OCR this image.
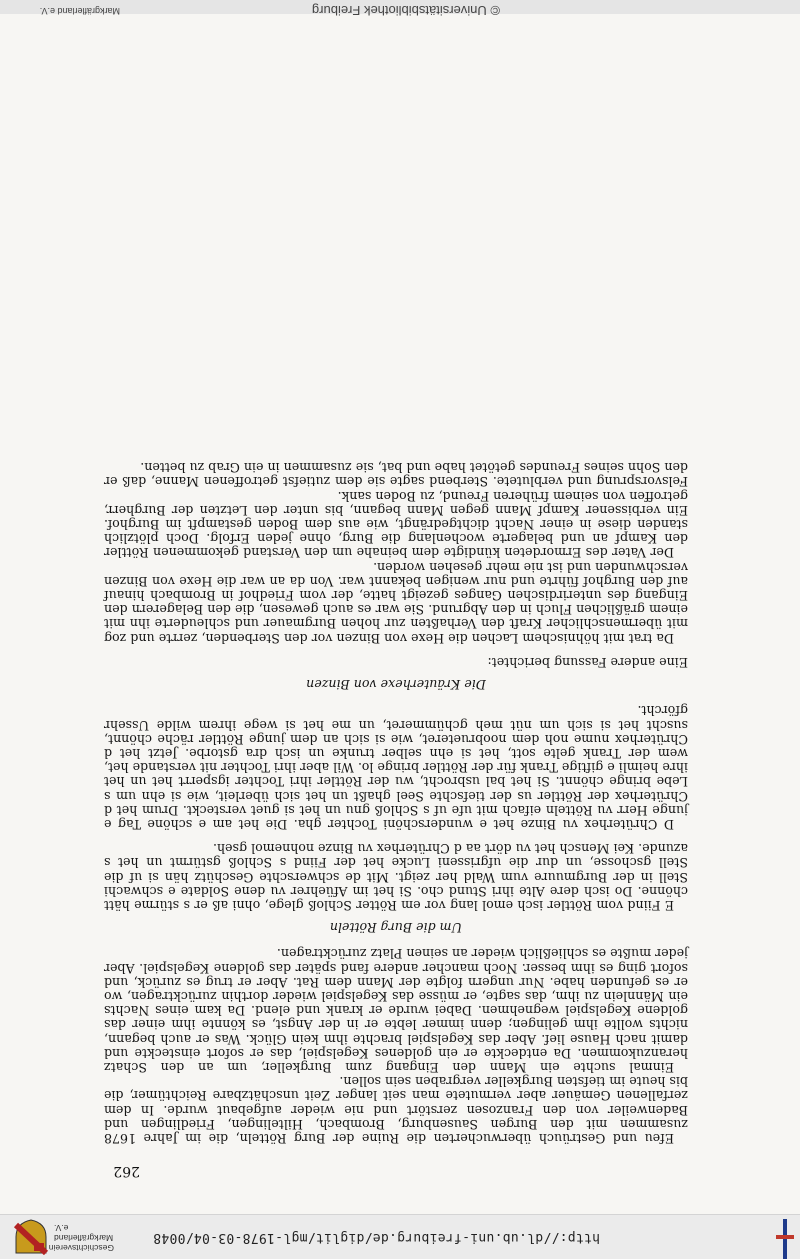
http://dl.ub.uni-freiburg.de/diglit/mgl-1978-03-04/0048
Geschichtsverein Markgräflerland e.V.
262

Efeu und Gestrüuch überwucherten die Ruine der Burg Rötteln, die im Jahre 1678 zusammen mit den Burgen Sausenburg, Brombach, Hiltelingen, Friedlingen und Badenweiler von den Franzosen zerstört und nie wieder aufgebaut wurde. In dem zerfallenen Gemäuer aber vermutete man seit langer Zeit unschätzbare Reichtümer, die bis heute im tiefsten Burgkeller vergraben sein sollen.

Einmal suchte ein Mann den Eingang zum Burgkeller, um an den Schatz heranzukommen. Da entdeckte er ein goldenes Kegelspiel, das er sofort einsteckte und damit nach Hause lief. Aber das Kegelspiel brachte ihm kein Glück. Was er auch begann, nichts wollte ihm gelingen; denn immer lebte er in der Angst, es könnte ihm einer das goldene Kegelspiel wegnehmen. Dabei wurde er krank und elend. Da kam eines Nachts ein Männlein zu ihm, das sagte, er müsse das Kegelspiel wieder dorthin zurücktragen, wo er es gefunden habe. Nur ungern folgte der Mann dem Rat. Aber er trug es zurück, und sofort ging es ihm besser. Noch mancher andere fand später das goldene Kegelspiel. Aber jeder mußte es schließlich wieder an seinen Platz zurücktragen.

Um die Burg Rötteln

E Fiind vom Röttler isch emol lang vor em Rötter Schloß glege, ohni aß er s stürme hätt chönne. Do isch dere Alte ihri Stund cho. Si het im Afüehrer vu dene Soldate e schwachi Stell in der Burgmuure vum Wald her zeigt. Mit de schwerschte Geschütz hän si uf die Stell gschosse, un dur die ufgrisseni Lucke het der Fiind s Schloß gstürmt un het s azunde. Kei Mensch het vu dört aa d Chrüterhex vu Binze nohnemol gseh.

D Chrüterhex vu Binze het e wunderschöni Tochter gha. Die het am e schöne Tag e junge Herr vu Rötteln eifach mit ufe uf s Schloß gnu un het si guet versteckt. Drum het d Chrüterhex der Röttler us der tiefschte Seel ghaßt un het sich überleit, wie si ehn um s Lebe bringe chönnt. Si het bal usbrocht, wu der Röttler ihri Tochter igsperrt het un het ihre heimli e giftige Trank für der Röttler bringe lo. Wil aber ihri Tochter nit verstande het, wem der Trank gelte sott, het si ehn selber trunke un isch dra gstorbe. Jetzt het d Chrüterhex nume noh dem noobrueteret, wie si sich an dem junge Röttler räche chönnt, suscht het si sich um nüt meh gchümmeret, un me het si wege ihrem wilde Ussehr gförcht.

Die Kräuterhexe von Binzen

Eine andere Fassung berichtet:

Da trat mit höhnischem Lachen die Hexe von Binzen vor den Sterbenden, zerrte und zog mit übermenschlicher Kraft den Verhaßten zur hohen Burgmauer und schleuderte ihn mit einem gräßlichen Fluch in den Abgrund. Sie war es auch gewesen, die den Belagerern den Eingang des unterirdischen Ganges gezeigt hatte, der vom Friedhof in Brombach hinauf auf den Burghof führte und nur wenigen bekannt war. Von da an war die Hexe von Binzen verschwunden und ist nie mehr gesehen worden.

Der Vater des Ermordeten kündigte dem beinahe um den Verstand gekommenen Röttler den Kampf an und belagerte wochenlang die Burg, ohne jeden Erfolg. Doch plötzlich standen diese in einer Nacht dichtgedrängt, wie aus dem Boden gestampft im Burghof. Ein verbissener Kampf Mann gegen Mann begann, bis unter den Letzten der Burgherr, getroffen von seinem früheren Freund, zu Boden sank.

Felsvorsprung und verblutete. Sterbend sagte sie dem zutiefst getroffenen Manne, daß er den Sohn seines Freundes getötet habe und bat, sie zusammen in ein Grab zu betten.

© Universitätsbibliothek Freiburg
Markgräflerland e.V.
